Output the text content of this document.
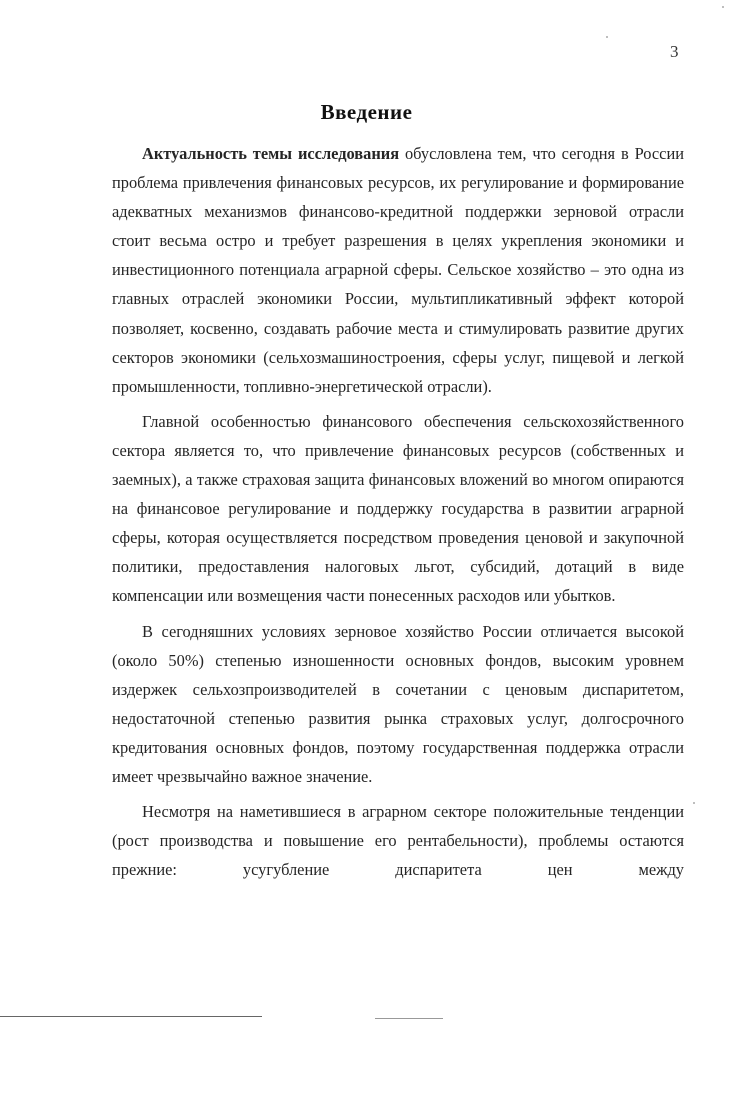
3
Введение

Актуальность темы исследования обусловлена тем, что сегодня в России проблема привлечения финансовых ресурсов, их регулирование и формирование адекватных механизмов финансово-кредитной поддержки зерновой отрасли стоит весьма остро и требует разрешения в целях укрепления экономики и инвестиционного потенциала аграрной сферы. Сельское хозяйство – это одна из главных отраслей экономики России, мультипликативный эффект которой позволяет, косвенно, создавать рабочие места и стимулировать развитие других секторов экономики (сельхозмашиностроения, сферы услуг, пищевой и легкой промышленности, топливно-энергетической отрасли).

Главной особенностью финансового обеспечения сельскохозяйственного сектора является то, что привлечение финансовых ресурсов (собственных и заемных), а также страховая защита финансовых вложений во многом опираются на финансовое регулирование и поддержку государства в развитии аграрной сферы, которая осуществляется посредством проведения ценовой и закупочной политики, предоставления налоговых льгот, субсидий, дотаций в виде компенсации или возмещения части понесенных расходов или убытков.

В сегодняшних условиях зерновое хозяйство России отличается высокой (около 50%) степенью изношенности основных фондов, высоким уровнем издержек сельхозпроизводителей в сочетании с ценовым диспаритетом, недостаточной степенью развития рынка страховых услуг, долгосрочного кредитования основных фондов, поэтому государственная поддержка отрасли имеет чрезвычайно важное значение.

Несмотря на наметившиеся в аграрном секторе положительные тенденции (рост производства и повышение его рентабельности), проблемы остаются прежние: усугубление диспаритета цен между
